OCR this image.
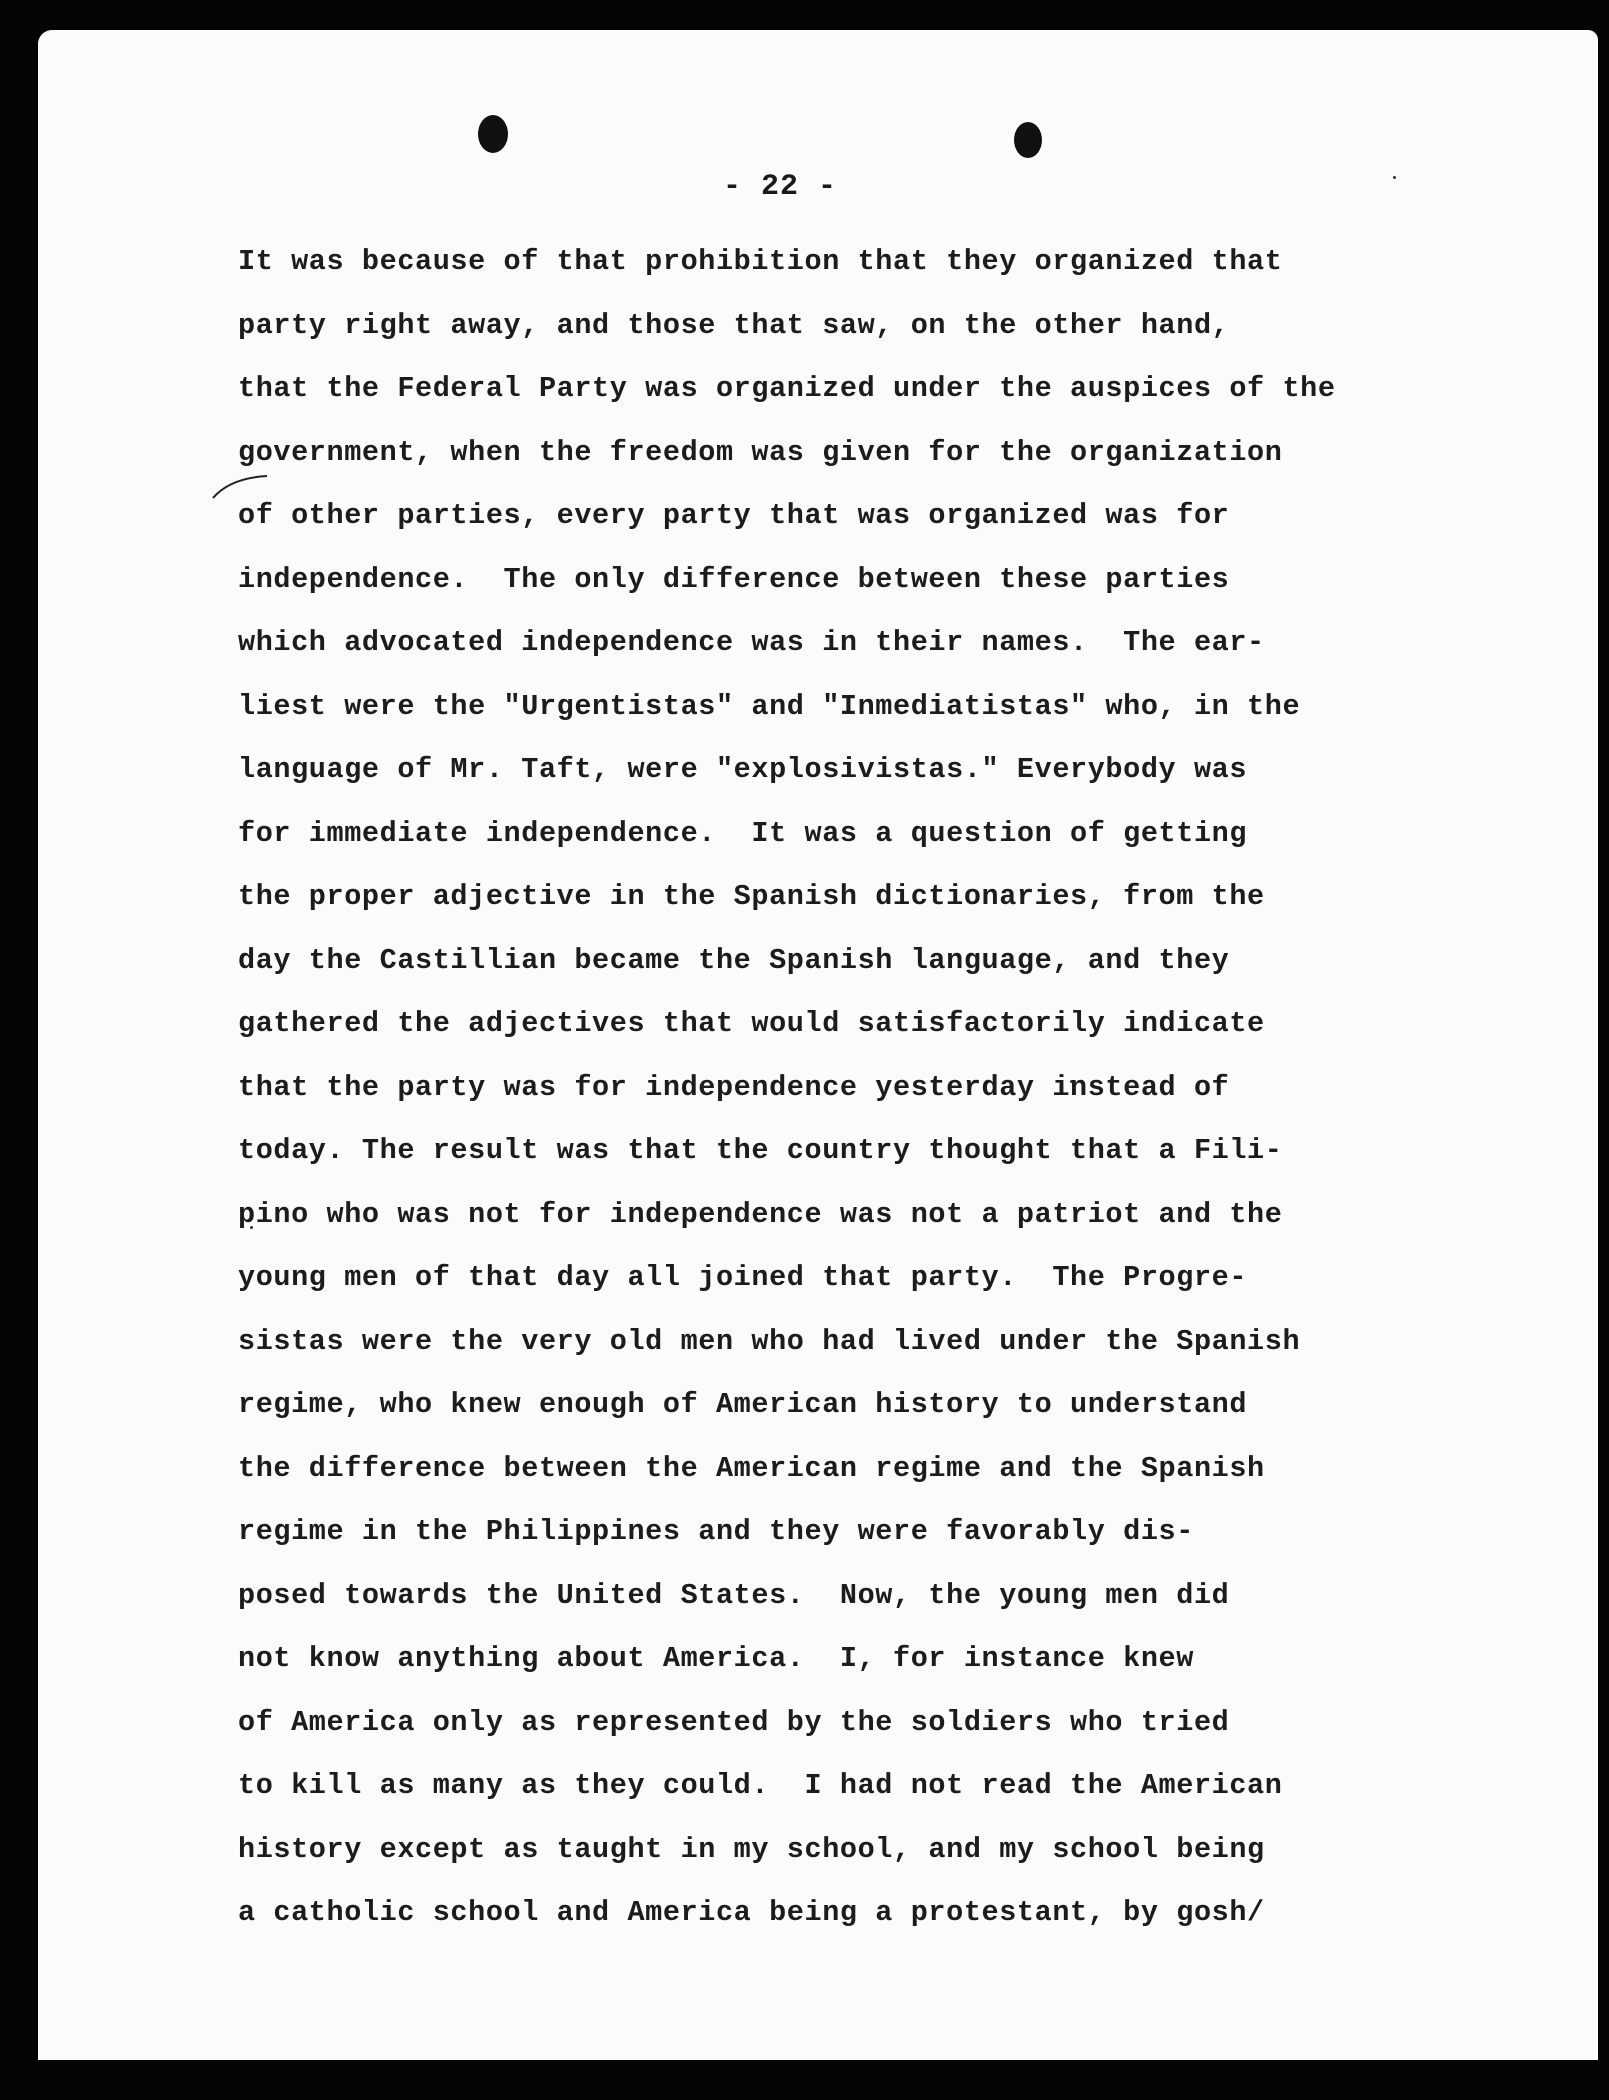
- 22 -
It was because of that prohibition that they organized that
party right away, and those that saw, on the other hand,
that the Federal Party was organized under the auspices of the
government, when the freedom was given for the organization
of other parties, every party that was organized was for
independence.  The only difference between these parties
which advocated independence was in their names.  The ear-
liest were the "Urgentistas" and "Inmediatistas" who, in the
language of Mr. Taft, were "explosivistas." Everybody was
for immediate independence.  It was a question of getting
the proper adjective in the Spanish dictionaries, from the
day the Castillian became the Spanish language, and they
gathered the adjectives that would satisfactorily indicate
that the party was for independence yesterday instead of
today. The result was that the country thought that a Fili-
pino who was not for independence was not a patriot and the
young men of that day all joined that party.  The Progre-
sistas were the very old men who had lived under the Spanish
regime, who knew enough of American history to understand
the difference between the American regime and the Spanish
regime in the Philippines and they were favorably dis-
posed towards the United States.  Now, the young men did
not know anything about America.  I, for instance knew
of America only as represented by the soldiers who tried
to kill as many as they could.  I had not read the American
history except as taught in my school, and my school being
a catholic school and America being a protestant, by gosh/
